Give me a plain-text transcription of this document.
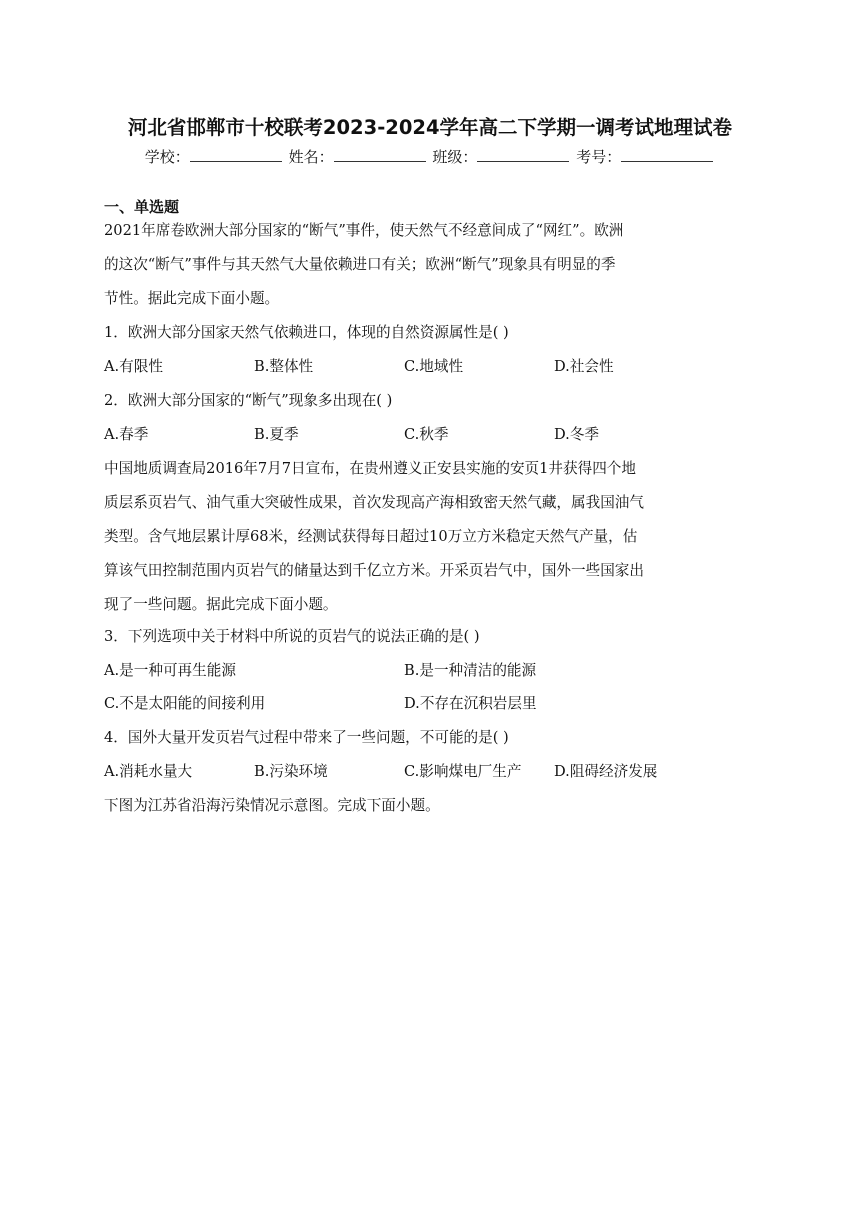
河北省邯郸市十校联考2023-2024学年高二下学期一调考试地理试卷
学校：	姓名：	班级：	考号：
一、单选题
2021年席卷欧洲大部分国家的“断气”事件，使天然气不经意间成了“网红”。欧洲
的这次“断气”事件与其天然气大量依赖进口有关；欧洲“断气”现象具有明显的季
节性。据此完成下面小题。
1．欧洲大部分国家天然气依赖进口，体现的自然资源属性是( )
A.有限性	B.整体性	C.地域性	D.社会性
2．欧洲大部分国家的“断气”现象多出现在( )
A.春季	B.夏季	C.秋季	D.冬季
中国地质调查局2016年7月7日宣布，在贵州遵义正安县实施的安页1井获得四个地
质层系页岩气、油气重大突破性成果，首次发现高产海相致密天然气藏，属我国油气
类型。含气地层累计厚68米，经测试获得每日超过10万立方米稳定天然气产量，估
算该气田控制范围内页岩气的储量达到千亿立方米。开采页岩气中，国外一些国家出
现了一些问题。据此完成下面小题。
3．下列选项中关于材料中所说的页岩气的说法正确的是( )
A.是一种可再生能源	B.是一种清洁的能源
C.不是太阳能的间接利用	D.不存在沉积岩层里
4．国外大量开发页岩气过程中带来了一些问题，不可能的是( )
A.消耗水量大	B.污染环境	C.影响煤电厂生产 D.阻碍经济发展
下图为江苏省沿海污染情况示意图。完成下面小题。
